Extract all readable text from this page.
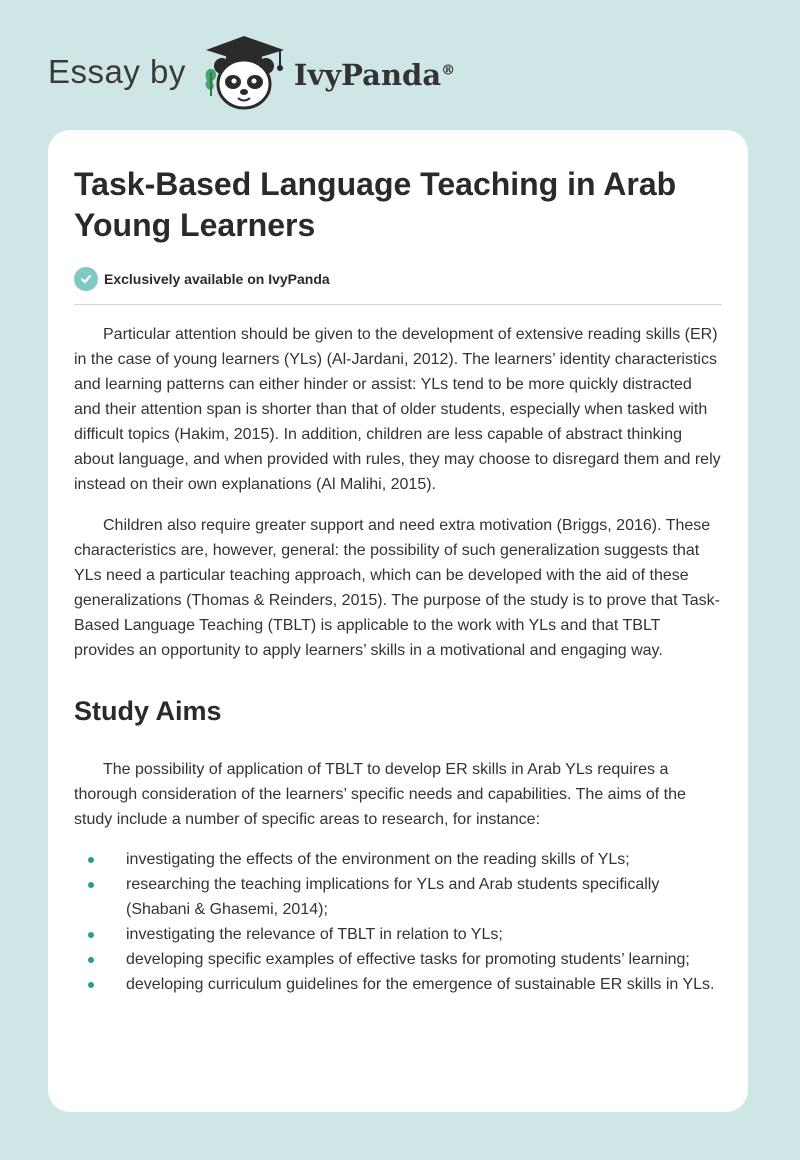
Essay by	IvyPanda®
Task-Based Language Teaching in Arab Young Learners
Exclusively available on IvyPanda

Particular attention should be given to the development of extensive reading skills (ER) in the case of young learners (YLs) (Al-Jardani, 2012). The learners’ identity characteristics and learning patterns can either hinder or assist: YLs tend to be more quickly distracted and their attention span is shorter than that of older students, especially when tasked with difficult topics (Hakim, 2015). In addition, children are less capable of abstract thinking about language, and when provided with rules, they may choose to disregard them and rely instead on their own explanations (Al Malihi, 2015).

Children also require greater support and need extra motivation (Briggs, 2016). These characteristics are, however, general: the possibility of such generalization suggests that YLs need a particular teaching approach, which can be developed with the aid of these generalizations (Thomas & Reinders, 2015). The purpose of the study is to prove that Task-Based Language Teaching (TBLT) is applicable to the work with YLs and that TBLT provides an opportunity to apply learners’ skills in a motivational and engaging way.

Study Aims

The possibility of application of TBLT to develop ER skills in Arab YLs requires a thorough consideration of the learners’ specific needs and capabilities. The aims of the study include a number of specific areas to research, for instance:

investigating the effects of the environment on the reading skills of YLs;
researching the teaching implications for YLs and Arab students specifically (Shabani & Ghasemi, 2014);
investigating the relevance of TBLT in relation to YLs;
developing specific examples of effective tasks for promoting students’ learning;
developing curriculum guidelines for the emergence of sustainable ER skills in YLs.
